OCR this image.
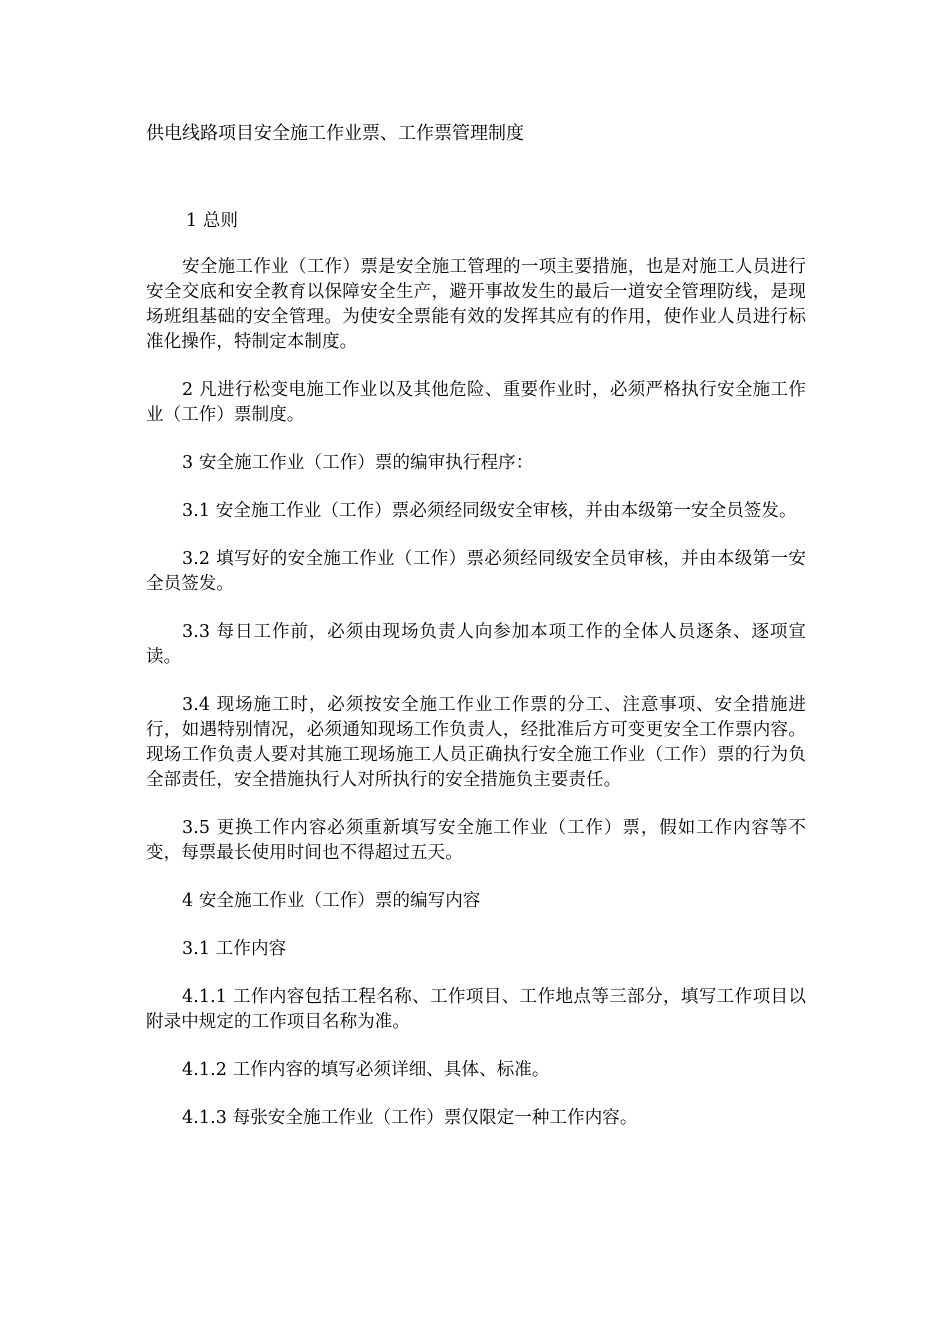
供电线路项目安全施工作业票、工作票管理制度

1 总则

安全施工作业（工作）票是安全施工管理的一项主要措施，也是对施工人员进行安全交底和安全教育以保障安全生产，避开事故发生的最后一道安全管理防线，是现场班组基础的安全管理。为使安全票能有效的发挥其应有的作用，使作业人员进行标准化操作，特制定本制度。

2 凡进行松变电施工作业以及其他危险、重要作业时，必须严格执行安全施工作业（工作）票制度。

3 安全施工作业（工作）票的编审执行程序：

3.1 安全施工作业（工作）票必须经同级安全审核，并由本级第一安全员签发。

3.2 填写好的安全施工作业（工作）票必须经同级安全员审核，并由本级第一安全员签发。

3.3 每日工作前，必须由现场负责人向参加本项工作的全体人员逐条、逐项宣读。

3.4 现场施工时，必须按安全施工作业工作票的分工、注意事项、安全措施进行，如遇特别情况，必须通知现场工作负责人，经批准后方可变更安全工作票内容。现场工作负责人要对其施工现场施工人员正确执行安全施工作业（工作）票的行为负全部责任，安全措施执行人对所执行的安全措施负主要责任。

3.5 更换工作内容必须重新填写安全施工作业（工作）票，假如工作内容等不变，每票最长使用时间也不得超过五天。

4 安全施工作业（工作）票的编写内容

3.1 工作内容

4.1.1 工作内容包括工程名称、工作项目、工作地点等三部分，填写工作项目以附录中规定的工作项目名称为准。

4.1.2 工作内容的填写必须详细、具体、标准。

4.1.3 每张安全施工作业（工作）票仅限定一种工作内容。
